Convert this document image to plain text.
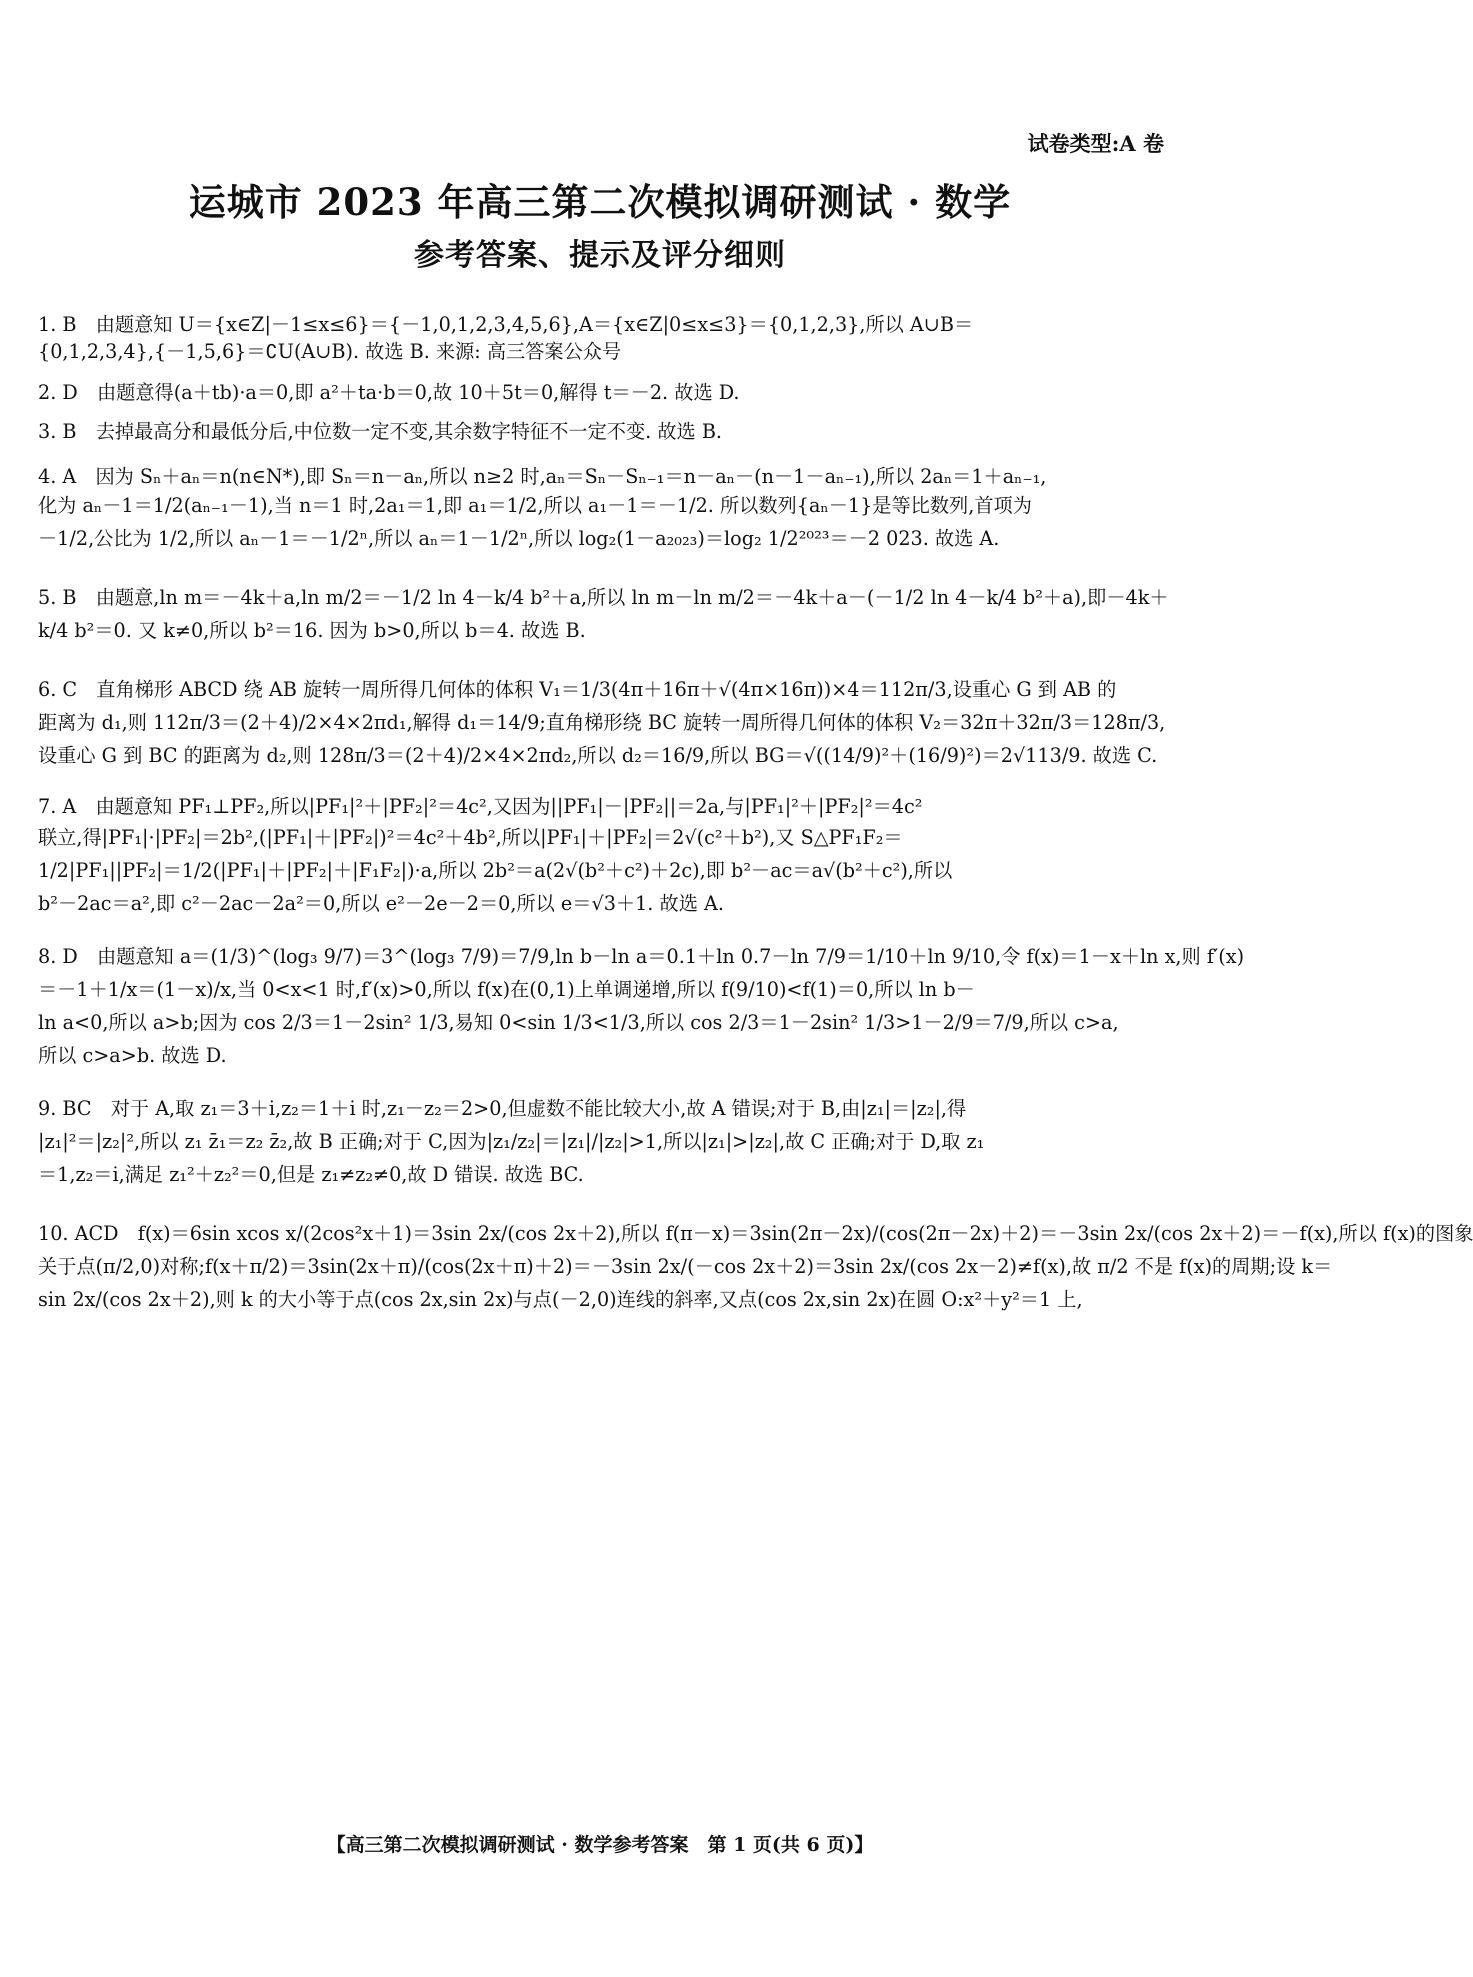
试卷类型:A 卷
运城市 2023 年高三第二次模拟调研测试 · 数学
参考答案、提示及评分细则
1. B　由题意知 U＝{x∈Z|－1≤x≤6}＝{－1,0,1,2,3,4,5,6},A＝{x∈Z|0≤x≤3}＝{0,1,2,3},所以 A∪B＝
{0,1,2,3,4},{－1,5,6}＝∁U(A∪B). 故选 B. 来源: 高三答案公众号
2. D　由题意得(a＋tb)·a＝0,即 a²＋ta·b＝0,故 10＋5t＝0,解得 t＝－2. 故选 D.
3. B　去掉最高分和最低分后,中位数一定不变,其余数字特征不一定不变. 故选 B.
4. A　因为 Sₙ＋aₙ＝n(n∈N*),即 Sₙ＝n－aₙ,所以 n≥2 时,aₙ＝Sₙ－Sₙ₋₁＝n－aₙ－(n－1－aₙ₋₁),所以 2aₙ＝1＋aₙ₋₁,
化为 aₙ－1＝1/2(aₙ₋₁－1),当 n＝1 时,2a₁＝1,即 a₁＝1/2,所以 a₁－1＝－1/2. 所以数列{aₙ－1}是等比数列,首项为
－1/2,公比为 1/2,所以 aₙ－1＝－1/2ⁿ,所以 aₙ＝1－1/2ⁿ,所以 log₂(1－a₂₀₂₃)＝log₂ 1/2²⁰²³＝－2 023. 故选 A.
5. B　由题意,ln m＝－4k＋a,ln m/2＝－1/2 ln 4－k/4 b²＋a,所以 ln m－ln m/2＝－4k＋a－(－1/2 ln 4－k/4 b²＋a),即－4k＋
k/4 b²＝0. 又 k≠0,所以 b²＝16. 因为 b>0,所以 b＝4. 故选 B.
6. C　直角梯形 ABCD 绕 AB 旋转一周所得几何体的体积 V₁＝1/3(4π＋16π＋√(4π×16π))×4＝112π/3,设重心 G 到 AB 的
距离为 d₁,则 112π/3＝(2＋4)/2×4×2πd₁,解得 d₁＝14/9;直角梯形绕 BC 旋转一周所得几何体的体积 V₂＝32π＋32π/3＝128π/3,
设重心 G 到 BC 的距离为 d₂,则 128π/3＝(2＋4)/2×4×2πd₂,所以 d₂＝16/9,所以 BG＝√((14/9)²＋(16/9)²)＝2√113/9. 故选 C.
7. A　由题意知 PF₁⊥PF₂,所以|PF₁|²＋|PF₂|²＝4c²,又因为||PF₁|－|PF₂||＝2a,与|PF₁|²＋|PF₂|²＝4c²
联立,得|PF₁|·|PF₂|＝2b²,(|PF₁|＋|PF₂|)²＝4c²＋4b²,所以|PF₁|＋|PF₂|＝2√(c²＋b²),又 S△PF₁F₂＝
1/2|PF₁||PF₂|＝1/2(|PF₁|＋|PF₂|＋|F₁F₂|)·a,所以 2b²＝a(2√(b²＋c²)＋2c),即 b²－ac＝a√(b²＋c²),所以
b²－2ac＝a²,即 c²－2ac－2a²＝0,所以 e²－2e－2＝0,所以 e＝√3＋1. 故选 A.
8. D　由题意知 a＝(1/3)^(log₃ 9/7)＝3^(log₃ 7/9)＝7/9,ln b－ln a＝0.1＋ln 0.7－ln 7/9＝1/10＋ln 9/10,令 f(x)＝1－x＋ln x,则 f′(x)
＝－1＋1/x＝(1－x)/x,当 0<x<1 时,f′(x)>0,所以 f(x)在(0,1)上单调递增,所以 f(9/10)<f(1)＝0,所以 ln b－
ln a<0,所以 a>b;因为 cos 2/3＝1－2sin² 1/3,易知 0<sin 1/3<1/3,所以 cos 2/3＝1－2sin² 1/3>1－2/9＝7/9,所以 c>a,
所以 c>a>b. 故选 D.
9. BC　对于 A,取 z₁＝3＋i,z₂＝1＋i 时,z₁－z₂＝2>0,但虚数不能比较大小,故 A 错误;对于 B,由|z₁|＝|z₂|,得
|z₁|²＝|z₂|²,所以 z₁ z̄₁＝z₂ z̄₂,故 B 正确;对于 C,因为|z₁/z₂|＝|z₁|/|z₂|>1,所以|z₁|>|z₂|,故 C 正确;对于 D,取 z₁
＝1,z₂＝i,满足 z₁²＋z₂²＝0,但是 z₁≠z₂≠0,故 D 错误. 故选 BC.
10. ACD　f(x)＝6sin xcos x/(2cos²x＋1)＝3sin 2x/(cos 2x＋2),所以 f(π－x)＝3sin(2π－2x)/(cos(2π－2x)＋2)＝－3sin 2x/(cos 2x＋2)＝－f(x),所以 f(x)的图象
关于点(π/2,0)对称;f(x＋π/2)＝3sin(2x＋π)/(cos(2x＋π)＋2)＝－3sin 2x/(－cos 2x＋2)＝3sin 2x/(cos 2x－2)≠f(x),故 π/2 不是 f(x)的周期;设 k＝
sin 2x/(cos 2x＋2),则 k 的大小等于点(cos 2x,sin 2x)与点(－2,0)连线的斜率,又点(cos 2x,sin 2x)在圆 O:x²＋y²＝1 上,
【高三第二次模拟调研测试 · 数学参考答案　第 1 页(共 6 页)】
